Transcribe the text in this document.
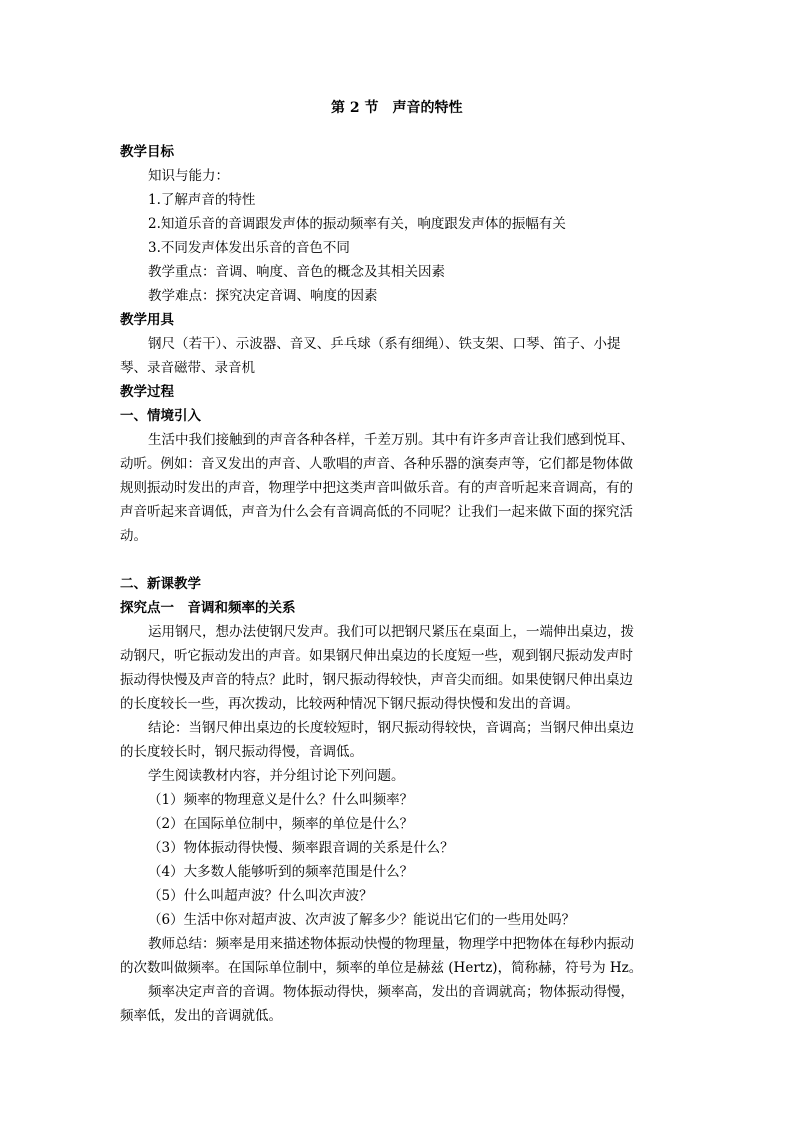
第 2 节　声音的特性
教学目标
知识与能力：
1.了解声音的特性
2.知道乐音的音调跟发声体的振动频率有关，响度跟发声体的振幅有关
3.不同发声体发出乐音的音色不同
教学重点：音调、响度、音色的概念及其相关因素
教学难点：探究决定音调、响度的因素
教学用具
钢尺（若干）、示波器、音叉、乒乓球（系有细绳）、铁支架、口琴、笛子、小提
琴、录音磁带、录音机
教学过程
一、情境引入
生活中我们接触到的声音各种各样，千差万别。其中有许多声音让我们感到悦耳、
动听。例如：音叉发出的声音、人歌唱的声音、各种乐器的演奏声等，它们都是物体做
规则振动时发出的声音，物理学中把这类声音叫做乐音。有的声音听起来音调高，有的
声音听起来音调低，声音为什么会有音调高低的不同呢？让我们一起来做下面的探究活
动。
二、新课教学
探究点一　音调和频率的关系
运用钢尺，想办法使钢尺发声。我们可以把钢尺紧压在桌面上，一端伸出桌边，拨
动钢尺，听它振动发出的声音。如果钢尺伸出桌边的长度短一些，观到钢尺振动发声时
振动得快慢及声音的特点？此时，钢尺振动得较快，声音尖而细。如果使钢尺伸出桌边
的长度较长一些，再次拨动，比较两种情况下钢尺振动得快慢和发出的音调。
结论：当钢尺伸出桌边的长度较短时，钢尺振动得较快，音调高；当钢尺伸出桌边
的长度较长时，钢尺振动得慢，音调低。
学生阅读教材内容，并分组讨论下列问题。
（1）频率的物理意义是什么？什么叫频率？
（2）在国际单位制中，频率的单位是什么？
（3）物体振动得快慢、频率跟音调的关系是什么？
（4）大多数人能够听到的频率范围是什么？
（5）什么叫超声波？什么叫次声波？
（6）生活中你对超声波、次声波了解多少？能说出它们的一些用处吗？
教师总结：频率是用来描述物体振动快慢的物理量，物理学中把物体在每秒内振动
的次数叫做频率。在国际单位制中，频率的单位是赫兹 (Hertz)，简称赫，符号为 Hz。
频率决定声音的音调。物体振动得快，频率高，发出的音调就高；物体振动得慢，
频率低，发出的音调就低。
